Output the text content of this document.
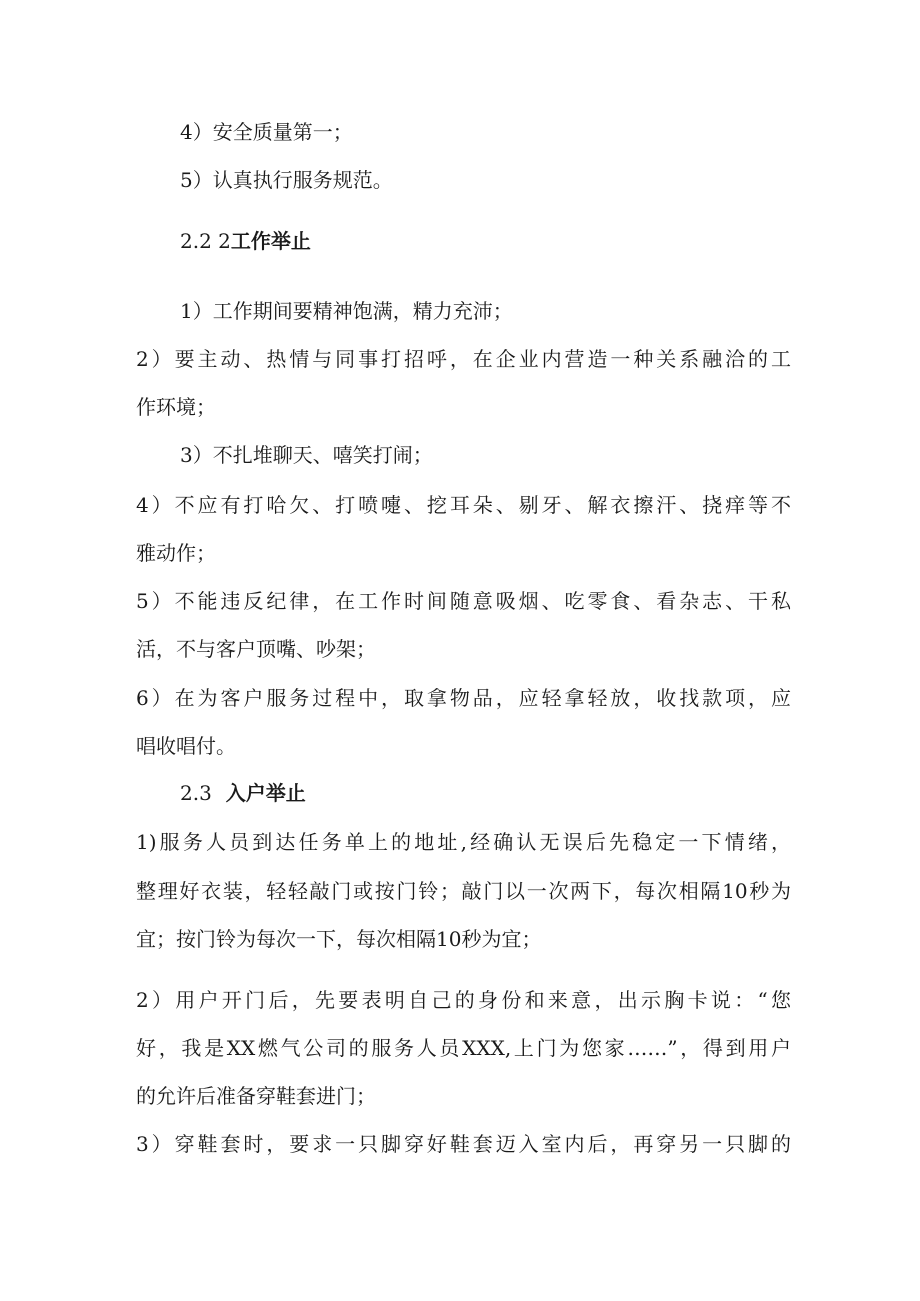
4）安全质量第一；
5）认真执行服务规范。
2.2 2工作举止
1）工作期间要精神饱满，精力充沛；
2）要主动、热情与同事打招呼，在企业内营造一种关系融洽的工
作环境；
3）不扎堆聊天、嘻笑打闹；
4）不应有打哈欠、打喷嚏、挖耳朵、剔牙、解衣擦汗、挠痒等不
雅动作；
5）不能违反纪律，在工作时间随意吸烟、吃零食、看杂志、干私
活，不与客户顶嘴、吵架；
6）在为客户服务过程中，取拿物品，应轻拿轻放，收找款项，应
唱收唱付。
2.3 入户举止
1)服务人员到达任务单上的地址,经确认无误后先稳定一下情绪，
整理好衣装，轻轻敲门或按门铃；敲门以一次两下，每次相隔10秒为
宜；按门铃为每次一下，每次相隔10秒为宜；
2）用户开门后，先要表明自己的身份和来意，出示胸卡说：“您
好，我是XX燃气公司的服务人员XXX,上门为您家……”，得到用户
的允许后准备穿鞋套进门；
3）穿鞋套时，要求一只脚穿好鞋套迈入室内后，再穿另一只脚的
